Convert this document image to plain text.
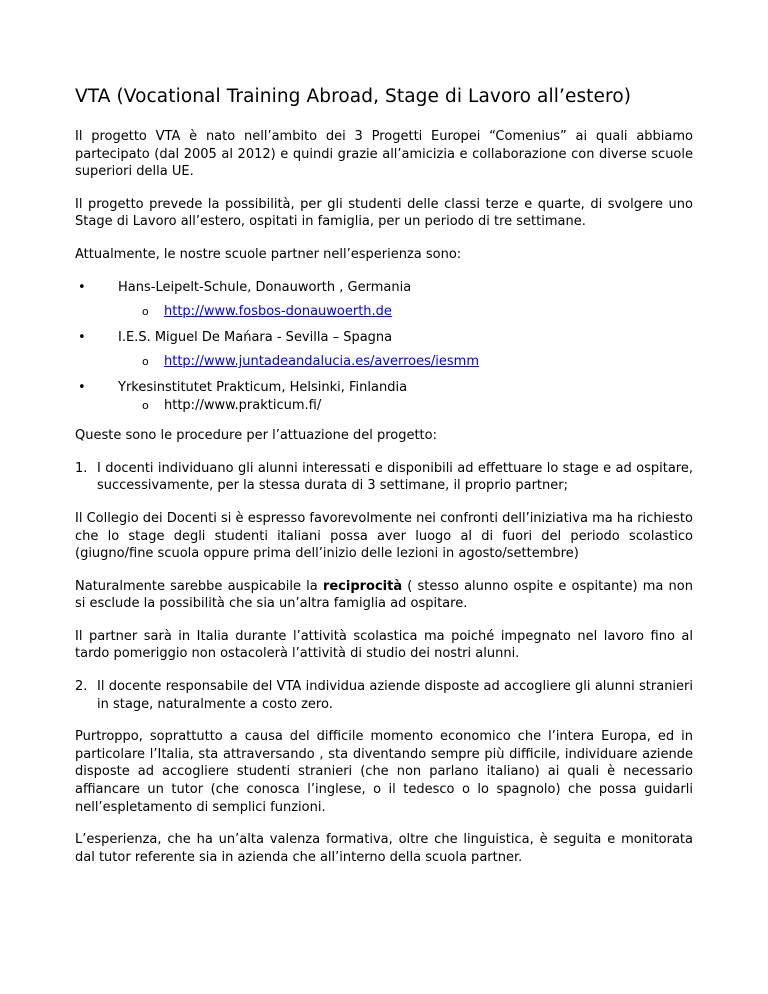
VTA (Vocational Training Abroad, Stage di Lavoro all’estero)

Il progetto VTA è nato nell’ambito dei 3 Progetti Europei “Comenius” ai quali abbiamo partecipato (dal 2005 al 2012) e quindi grazie all’amicizia e collaborazione con diverse scuole superiori della UE.

Il progetto prevede la possibilità, per gli studenti delle classi terze e quarte, di svolgere uno Stage di Lavoro all’estero, ospitati in famiglia, per un periodo di tre settimane.

Attualmente, le nostre scuole partner nell’esperienza sono:

• Hans-Leipelt-Schule, Donauworth , Germania
o http://www.fosbos-donauwoerth.de
• I.E.S. Miguel De Mańara - Sevilla – Spagna
o http://www.juntadeandalucia.es/averroes/iesmm
• Yrkesinstitutet Prakticum, Helsinki, Finlandia
o http://www.prakticum.fi/

Queste sono le procedure per l’attuazione del progetto:

1. I docenti individuano gli alunni interessati e disponibili ad effettuare lo stage e ad ospitare, successivamente, per la stessa durata di 3 settimane, il proprio partner;

Il Collegio dei Docenti si è espresso favorevolmente nei confronti dell’iniziativa ma ha richiesto che lo stage degli studenti italiani possa aver luogo al di fuori del periodo scolastico (giugno/fine scuola oppure prima dell’inizio delle lezioni in agosto/settembre)

Naturalmente sarebbe auspicabile la reciprocità ( stesso alunno ospite e ospitante) ma non si esclude la possibilità che sia un’altra famiglia ad ospitare.

Il partner sarà in Italia durante l’attività scolastica ma poiché impegnato nel lavoro fino al tardo pomeriggio non ostacolerà l’attività di studio dei nostri alunni.

2. Il docente responsabile del VTA individua aziende disposte ad accogliere gli alunni stranieri in stage, naturalmente a costo zero.

Purtroppo, soprattutto a causa del difficile momento economico che l’intera Europa, ed in particolare l’Italia, sta attraversando , sta diventando sempre più difficile, individuare aziende disposte ad accogliere studenti stranieri (che non parlano italiano) ai quali è necessario affiancare un tutor (che conosca l’inglese, o il tedesco o lo spagnolo) che possa guidarli nell’espletamento di semplici funzioni.

L’esperienza, che ha un’alta valenza formativa, oltre che linguistica, è seguita e monitorata dal tutor referente sia in azienda che all’interno della scuola partner.
